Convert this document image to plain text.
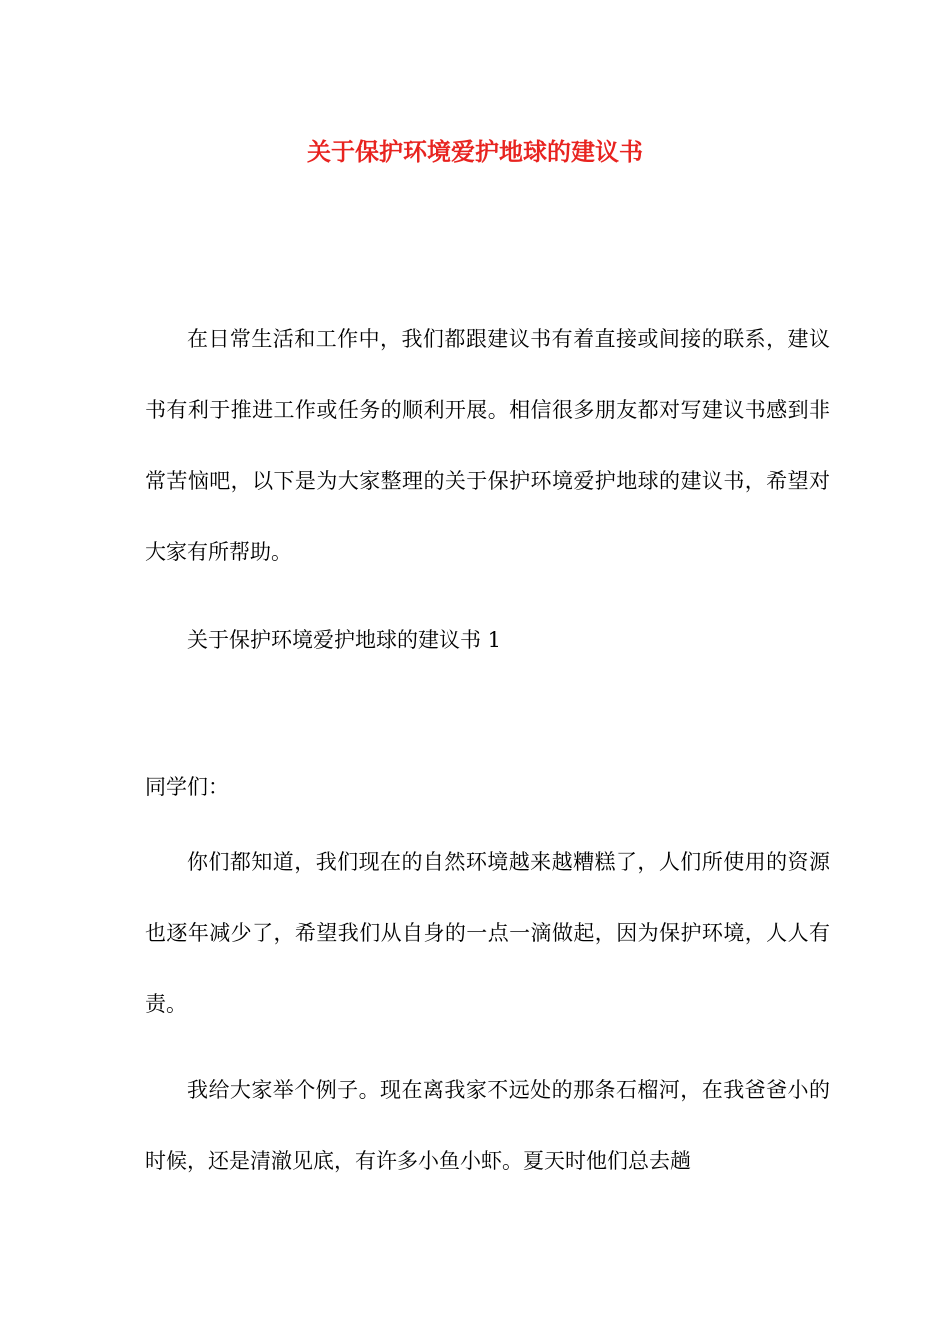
关于保护环境爱护地球的建议书

在日常生活和工作中，我们都跟建议书有着直接或间接的联系，建议书有利于推进工作或任务的顺利开展。相信很多朋友都对写建议书感到非常苦恼吧，以下是为大家整理的关于保护环境爱护地球的建议书，希望对大家有所帮助。

关于保护环境爱护地球的建议书 1

同学们：

你们都知道，我们现在的自然环境越来越糟糕了，人们所使用的资源也逐年减少了，希望我们从自身的一点一滴做起，因为保护环境，人人有责。

我给大家举个例子。现在离我家不远处的那条石榴河，在我爸爸小的时候，还是清澈见底，有许多小鱼小虾。夏天时他们总去趟
